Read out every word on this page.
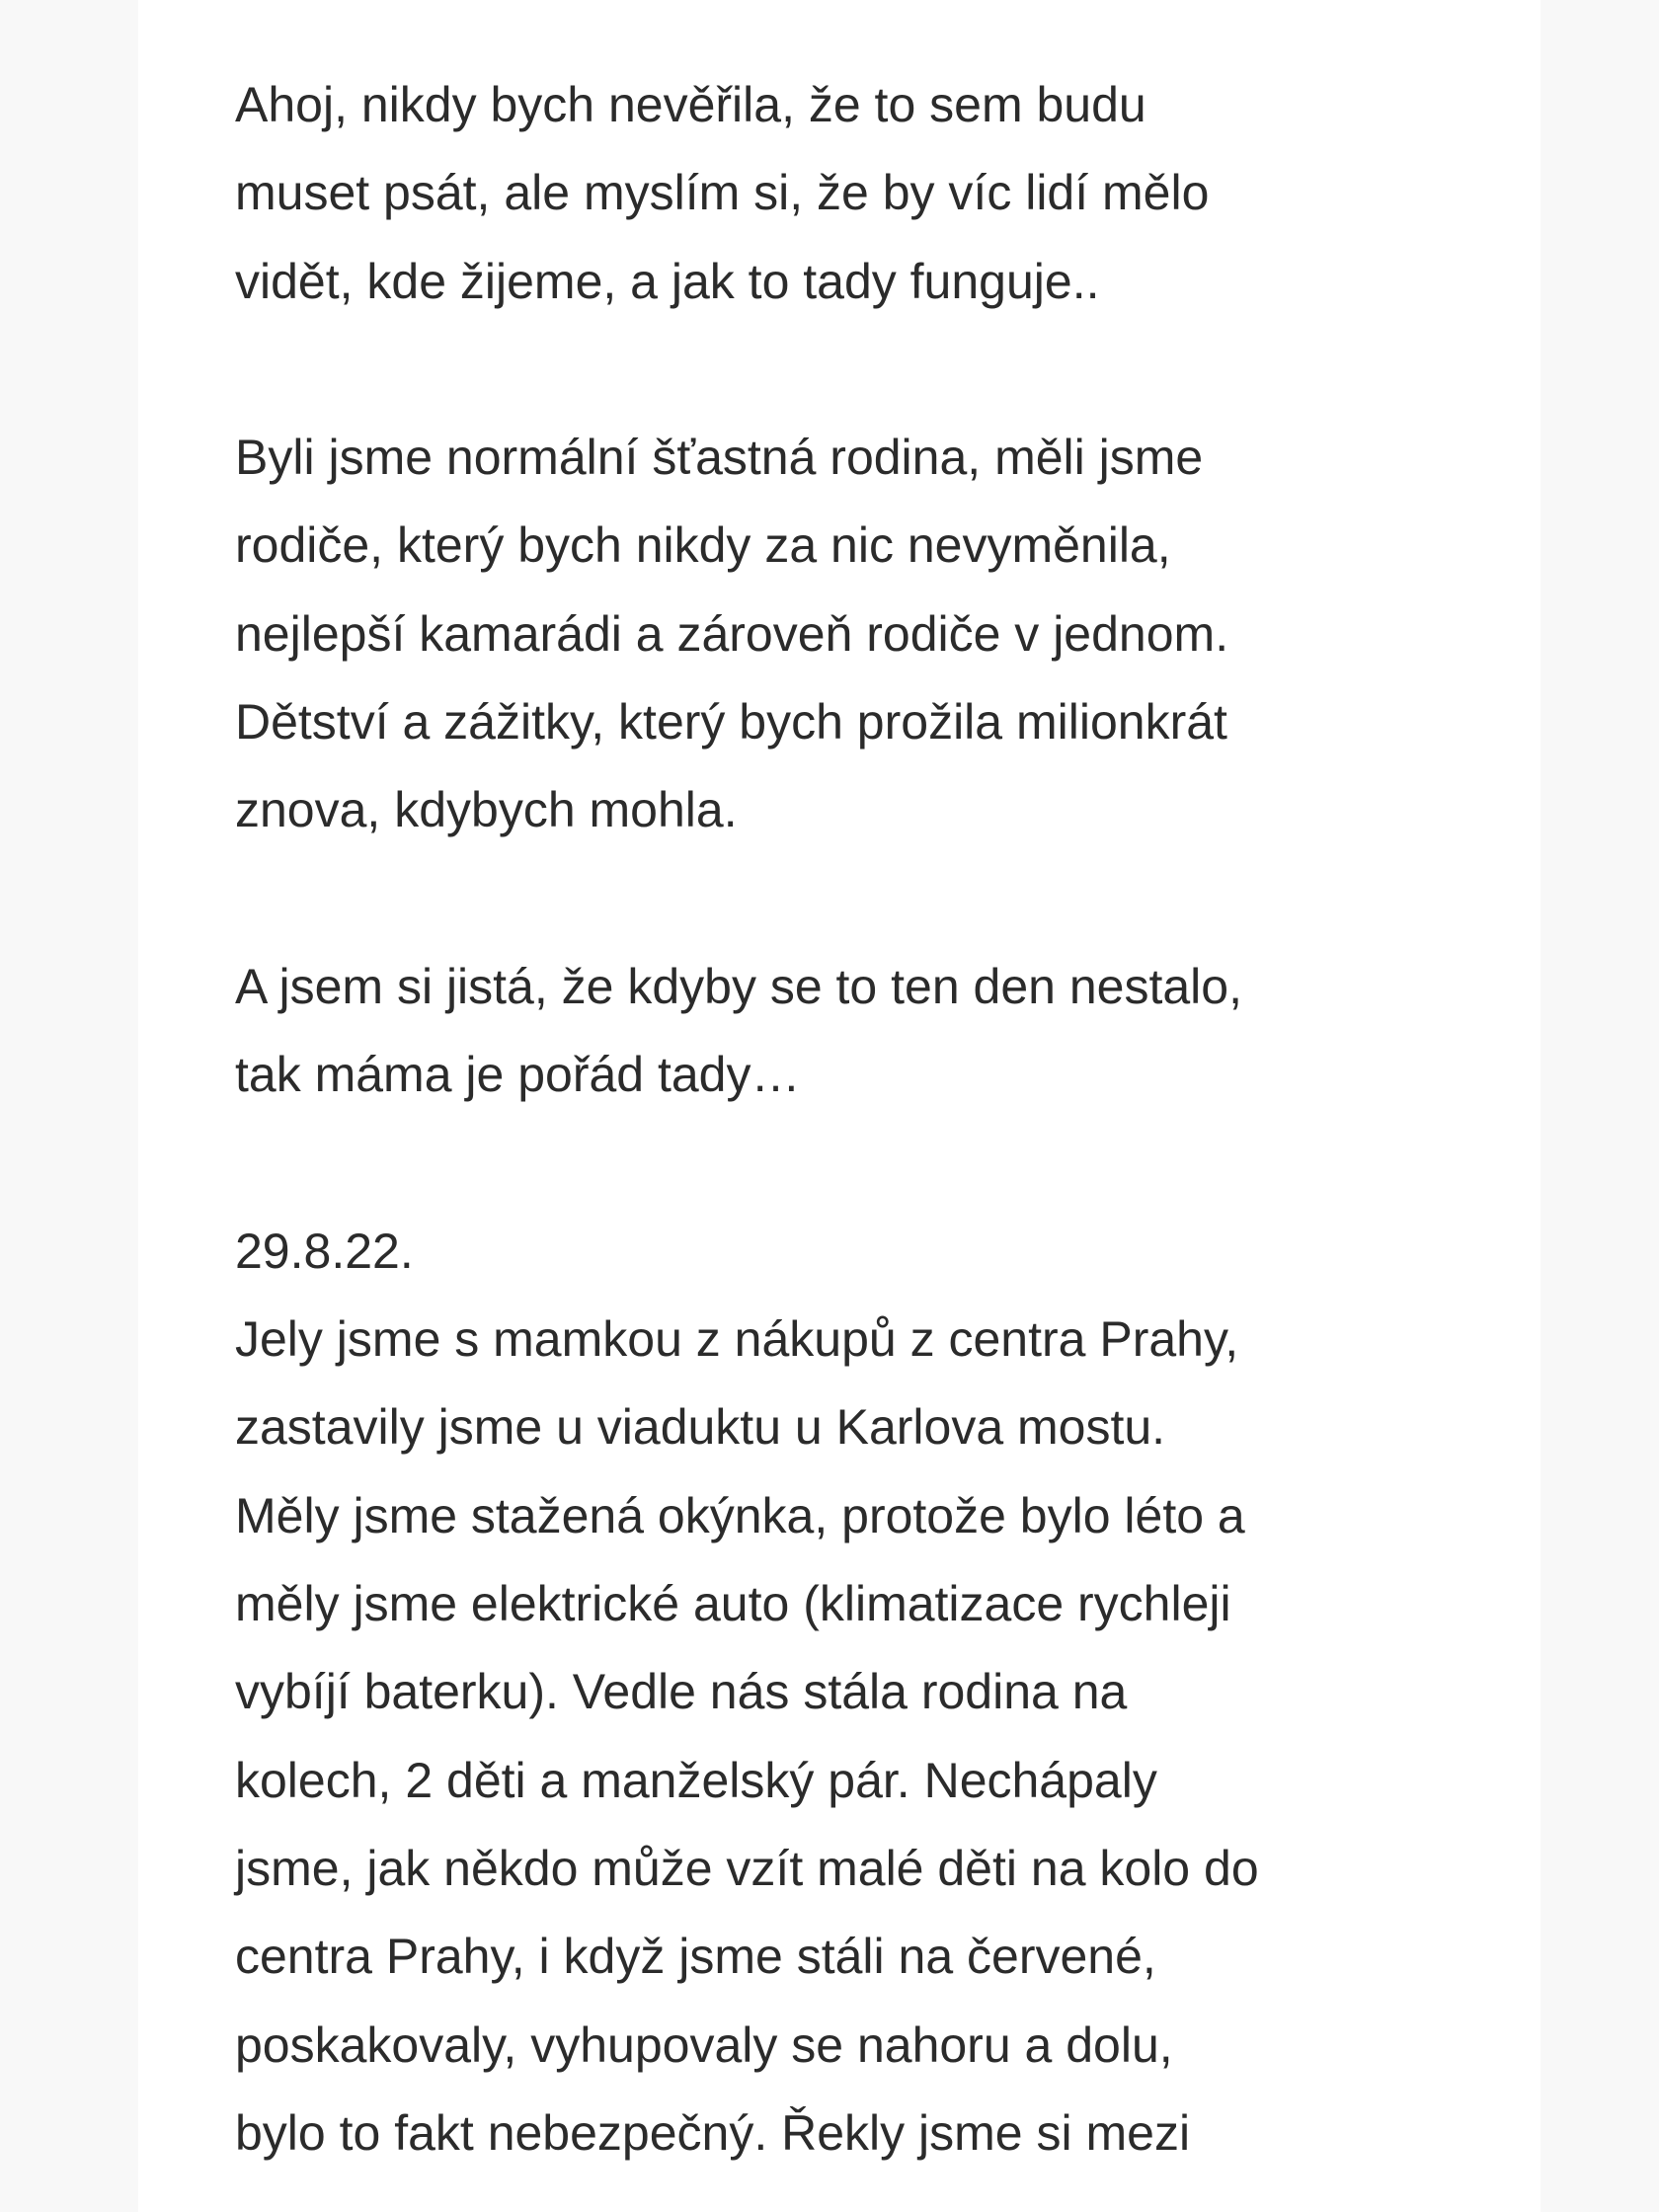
Ahoj, nikdy bych nevěřila, že to sem budu
muset psát, ale myslím si, že by víc lidí mělo
vidět, kde žijeme, a jak to tady funguje..

Byli jsme normální šťastná rodina, měli jsme
rodiče, který bych nikdy za nic nevyměnila,
nejlepší kamarádi a zároveň rodiče v jednom.
Dětství a zážitky, který bych prožila milionkrát
znova, kdybych mohla.

A jsem si jistá, že kdyby se to ten den nestalo,
tak máma je pořád tady…

29.8.22.
Jely jsme s mamkou z nákupů z centra Prahy,
zastavily jsme u viaduktu u Karlova mostu.
Měly jsme stažená okýnka, protože bylo léto a
měly jsme elektrické auto (klimatizace rychleji
vybíjí baterku). Vedle nás stála rodina na
kolech, 2 děti a manželský pár. Nechápaly
jsme, jak někdo může vzít malé děti na kolo do
centra Prahy, i když jsme stáli na červené,
poskakovaly, vyhupovaly se nahoru a dolu,
bylo to fakt nebezpečný. Řekly jsme si mezi
